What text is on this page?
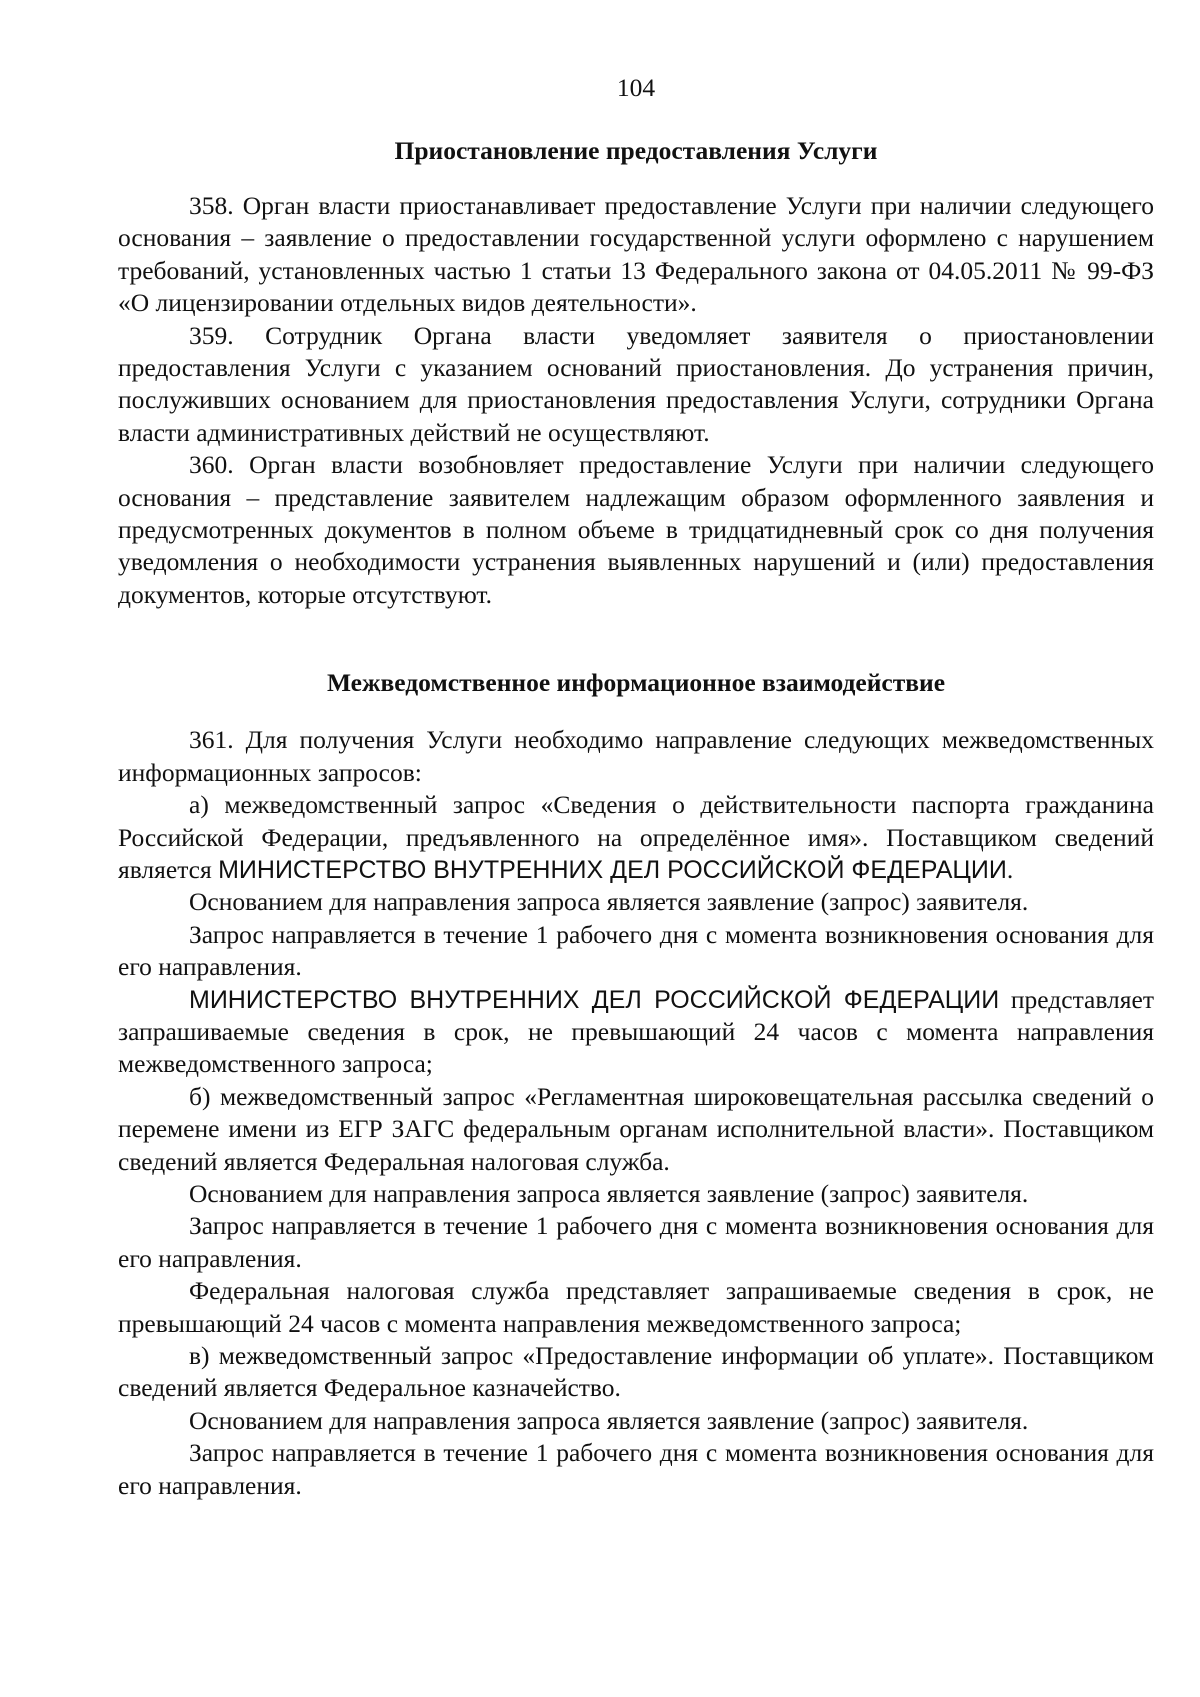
104
Приостановление предоставления Услуги

358. Орган власти приостанавливает предоставление Услуги при наличии следующего основания – заявление о предоставлении государственной услуги оформлено с нарушением требований, установленных частью 1 статьи 13 Федерального закона от 04.05.2011 № 99-ФЗ «О лицензировании отдельных видов деятельности».

359. Сотрудник Органа власти уведомляет заявителя о приостановлении предоставления Услуги с указанием оснований приостановления. До устранения причин, послуживших основанием для приостановления предоставления Услуги, сотрудники Органа власти административных действий не осуществляют.

360. Орган власти возобновляет предоставление Услуги при наличии следующего основания – представление заявителем надлежащим образом оформленного заявления и предусмотренных документов в полном объеме в тридцатидневный срок со дня получения уведомления о необходимости устранения выявленных нарушений и (или) предоставления документов, которые отсутствуют.

Межведомственное информационное взаимодействие

361. Для получения Услуги необходимо направление следующих межведомственных информационных запросов:

а) межведомственный запрос «Сведения о действительности паспорта гражданина Российской Федерации, предъявленного на определённое имя». Поставщиком сведений является МИНИСТЕРСТВО ВНУТРЕННИХ ДЕЛ РОССИЙСКОЙ ФЕДЕРАЦИИ.

Основанием для направления запроса является заявление (запрос) заявителя.

Запрос направляется в течение 1 рабочего дня с момента возникновения основания для его направления.

МИНИСТЕРСТВО ВНУТРЕННИХ ДЕЛ РОССИЙСКОЙ ФЕДЕРАЦИИ представляет запрашиваемые сведения в срок, не превышающий 24 часов с момента направления межведомственного запроса;

б) межведомственный запрос «Регламентная широковещательная рассылка сведений о перемене имени из ЕГР ЗАГС федеральным органам исполнительной власти». Поставщиком сведений является Федеральная налоговая служба.

Основанием для направления запроса является заявление (запрос) заявителя.

Запрос направляется в течение 1 рабочего дня с момента возникновения основания для его направления.

Федеральная налоговая служба представляет запрашиваемые сведения в срок, не превышающий 24 часов с момента направления межведомственного запроса;

в) межведомственный запрос «Предоставление информации об уплате». Поставщиком сведений является Федеральное казначейство.

Основанием для направления запроса является заявление (запрос) заявителя.

Запрос направляется в течение 1 рабочего дня с момента возникновения основания для его направления.
